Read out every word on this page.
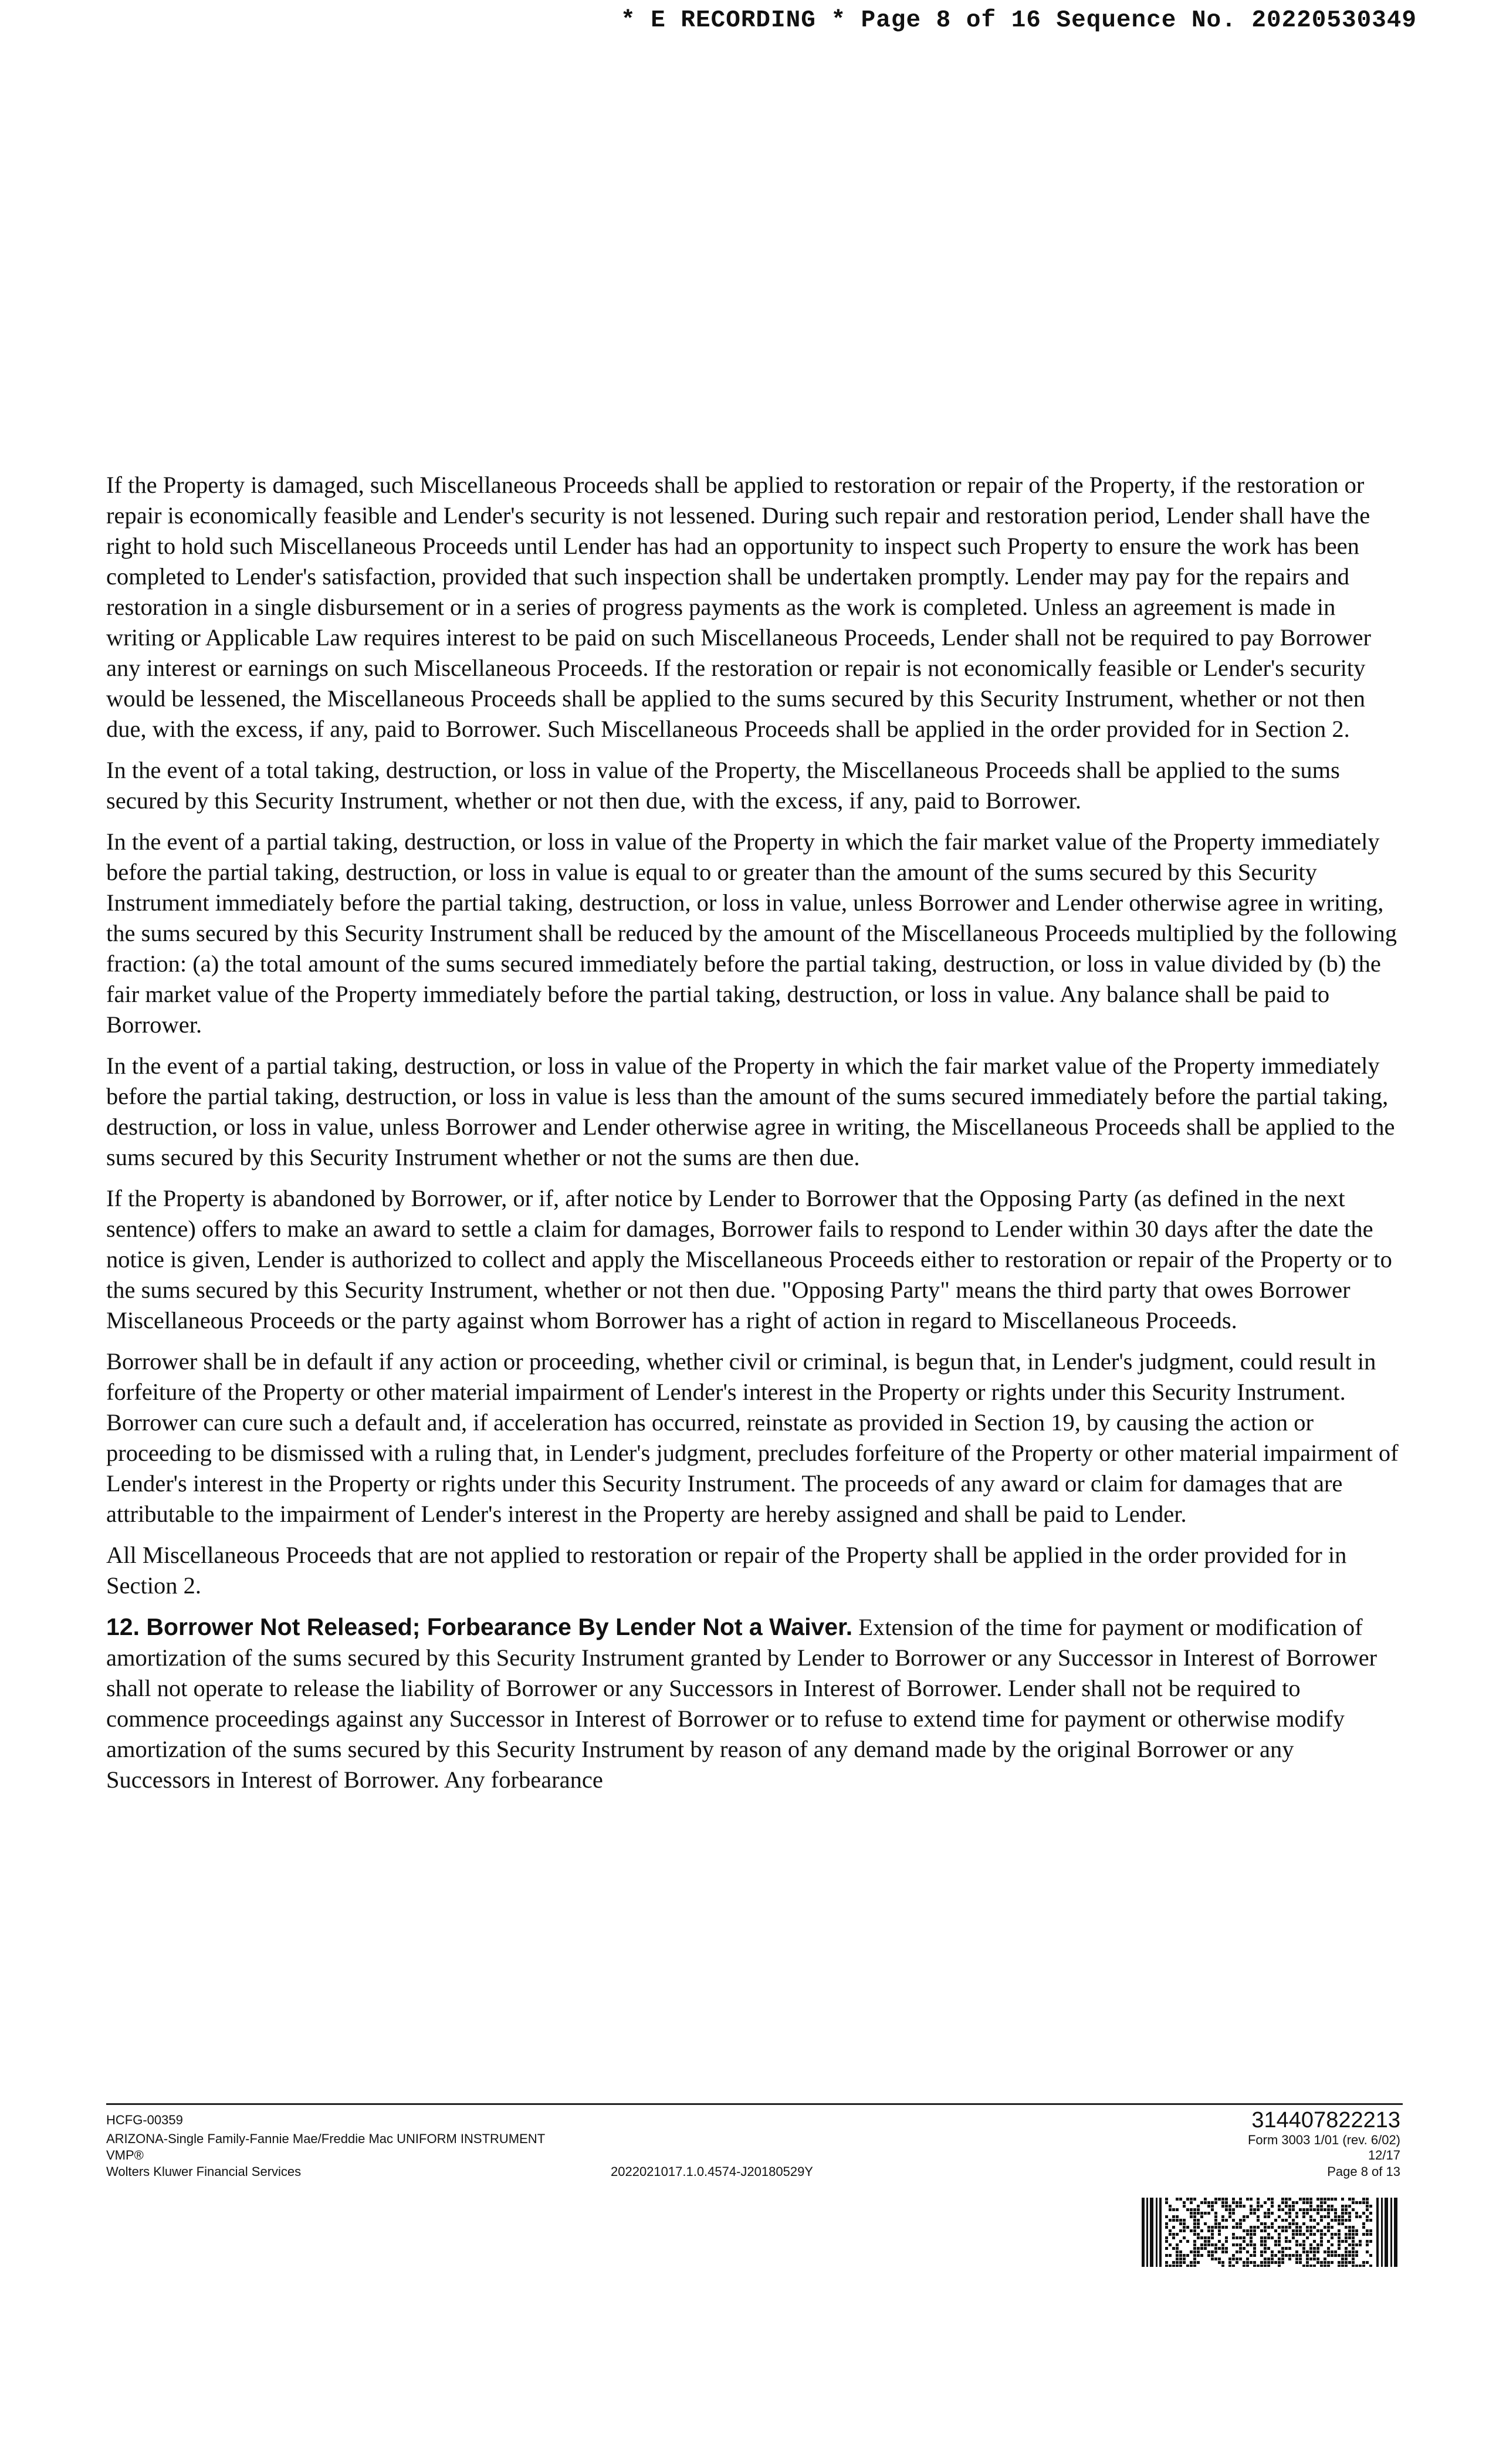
* E RECORDING * Page 8 of 16 Sequence No. 20220530349

If the Property is damaged, such Miscellaneous Proceeds shall be applied to restoration or repair of the Property, if the restoration or repair is economically feasible and Lender's security is not lessened. During such repair and restoration period, Lender shall have the right to hold such Miscellaneous Proceeds until Lender has had an opportunity to inspect such Property to ensure the work has been completed to Lender's satisfaction, provided that such inspection shall be undertaken promptly. Lender may pay for the repairs and restoration in a single disbursement or in a series of progress payments as the work is completed. Unless an agreement is made in writing or Applicable Law requires interest to be paid on such Miscellaneous Proceeds, Lender shall not be required to pay Borrower any interest or earnings on such Miscellaneous Proceeds. If the restoration or repair is not economically feasible or Lender's security would be lessened, the Miscellaneous Proceeds shall be applied to the sums secured by this Security Instrument, whether or not then due, with the excess, if any, paid to Borrower. Such Miscellaneous Proceeds shall be applied in the order provided for in Section 2.

In the event of a total taking, destruction, or loss in value of the Property, the Miscellaneous Proceeds shall be applied to the sums secured by this Security Instrument, whether or not then due, with the excess, if any, paid to Borrower.

In the event of a partial taking, destruction, or loss in value of the Property in which the fair market value of the Property immediately before the partial taking, destruction, or loss in value is equal to or greater than the amount of the sums secured by this Security Instrument immediately before the partial taking, destruction, or loss in value, unless Borrower and Lender otherwise agree in writing, the sums secured by this Security Instrument shall be reduced by the amount of the Miscellaneous Proceeds multiplied by the following fraction: (a) the total amount of the sums secured immediately before the partial taking, destruction, or loss in value divided by (b) the fair market value of the Property immediately before the partial taking, destruction, or loss in value. Any balance shall be paid to Borrower.

In the event of a partial taking, destruction, or loss in value of the Property in which the fair market value of the Property immediately before the partial taking, destruction, or loss in value is less than the amount of the sums secured immediately before the partial taking, destruction, or loss in value, unless Borrower and Lender otherwise agree in writing, the Miscellaneous Proceeds shall be applied to the sums secured by this Security Instrument whether or not the sums are then due.

If the Property is abandoned by Borrower, or if, after notice by Lender to Borrower that the Opposing Party (as defined in the next sentence) offers to make an award to settle a claim for damages, Borrower fails to respond to Lender within 30 days after the date the notice is given, Lender is authorized to collect and apply the Miscellaneous Proceeds either to restoration or repair of the Property or to the sums secured by this Security Instrument, whether or not then due. "Opposing Party" means the third party that owes Borrower Miscellaneous Proceeds or the party against whom Borrower has a right of action in regard to Miscellaneous Proceeds.

Borrower shall be in default if any action or proceeding, whether civil or criminal, is begun that, in Lender's judgment, could result in forfeiture of the Property or other material impairment of Lender's interest in the Property or rights under this Security Instrument. Borrower can cure such a default and, if acceleration has occurred, reinstate as provided in Section 19, by causing the action or proceeding to be dismissed with a ruling that, in Lender's judgment, precludes forfeiture of the Property or other material impairment of Lender's interest in the Property or rights under this Security Instrument. The proceeds of any award or claim for damages that are attributable to the impairment of Lender's interest in the Property are hereby assigned and shall be paid to Lender.

All Miscellaneous Proceeds that are not applied to restoration or repair of the Property shall be applied in the order provided for in Section 2.

12. Borrower Not Released; Forbearance By Lender Not a Waiver. Extension of the time for payment or modification of amortization of the sums secured by this Security Instrument granted by Lender to Borrower or any Successor in Interest of Borrower shall not operate to release the liability of Borrower or any Successors in Interest of Borrower. Lender shall not be required to commence proceedings against any Successor in Interest of Borrower or to refuse to extend time for payment or otherwise modify amortization of the sums secured by this Security Instrument by reason of any demand made by the original Borrower or any Successors in Interest of Borrower. Any forbearance

HCFG-00359
ARIZONA-Single Family-Fannie Mae/Freddie Mac UNIFORM INSTRUMENT
VMP®
Wolters Kluwer Financial Services	2022021017.1.0.4574-J20180529Y
314407822213
Form 3003 1/01 (rev. 6/02)
12/17
Page 8 of 13
